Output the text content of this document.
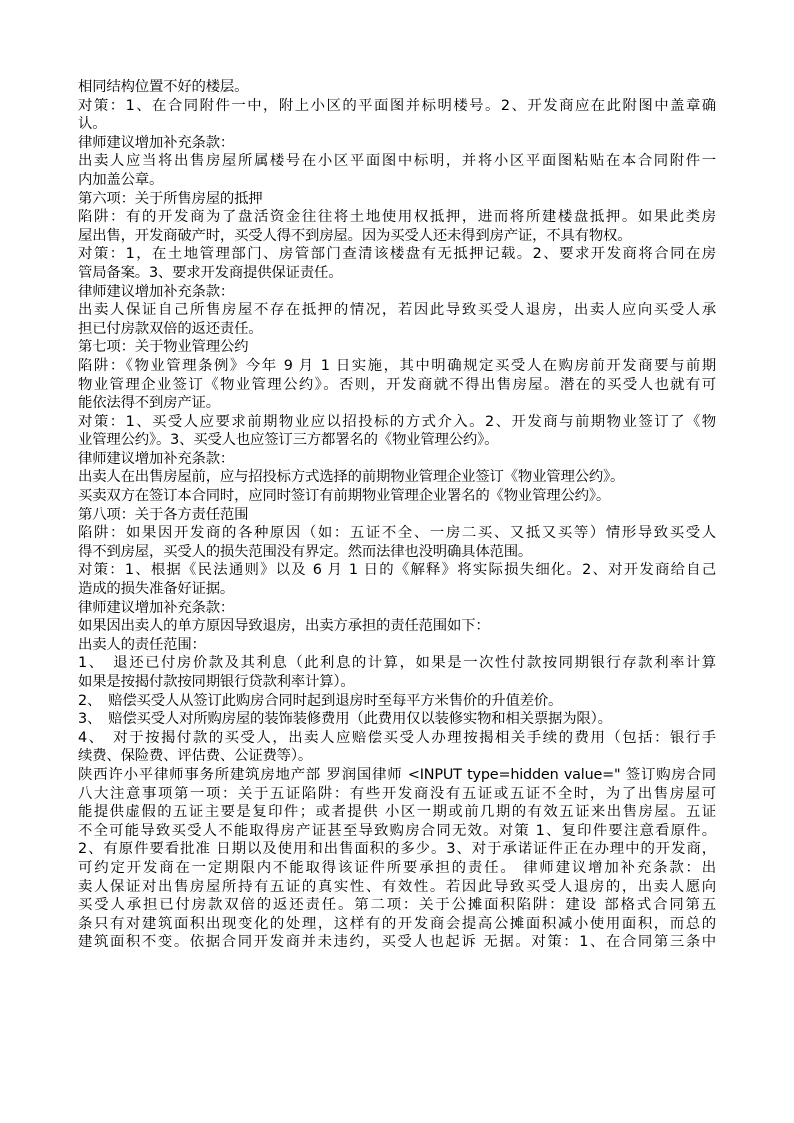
相同结构位置不好的楼层。
对策：1、在合同附件一中，附上小区的平面图并标明楼号。2、开发商应在此附图中盖章确
认。
律师建议增加补充条款：
出卖人应当将出售房屋所属楼号在小区平面图中标明，并将小区平面图粘贴在本合同附件一
内加盖公章。
第六项：关于所售房屋的抵押
陷阱：有的开发商为了盘活资金往往将土地使用权抵押，进而将所建楼盘抵押。如果此类房
屋出售，开发商破产时，买受人得不到房屋。因为买受人还未得到房产证，不具有物权。
对策：1，在土地管理部门、房管部门查清该楼盘有无抵押记载。2、要求开发商将合同在房
管局备案。3、要求开发商提供保证责任。
律师建议增加补充条款：
出卖人保证自己所售房屋不存在抵押的情况，若因此导致买受人退房，出卖人应向买受人承
担已付房款双倍的返还责任。
第七项：关于物业管理公约
陷阱：《物业管理条例》今年 9 月 1 日实施，其中明确规定买受人在购房前开发商要与前期
物业管理企业签订《物业管理公约》。否则，开发商就不得出售房屋。潜在的买受人也就有可
能依法得不到房产证。
对策：1、买受人应要求前期物业应以招投标的方式介入。2、开发商与前期物业签订了《物
业管理公约》。3、买受人也应签订三方都署名的《物业管理公约》。
律师建议增加补充条款：
出卖人在出售房屋前，应与招投标方式选择的前期物业管理企业签订《物业管理公约》。
买卖双方在签订本合同时，应同时签订有前期物业管理企业署名的《物业管理公约》。
第八项：关于各方责任范围
陷阱：如果因开发商的各种原因（如：五证不全、一房二买、又抵又买等）情形导致买受人
得不到房屋，买受人的损失范围没有界定。然而法律也没明确具体范围。
对策：1、根据《民法通则》以及 6 月 1 日的《解释》将实际损失细化。2、对开发商给自己
造成的损失准备好证据。
律师建议增加补充条款：
如果因出卖人的单方原因导致退房，出卖方承担的责任范围如下：
出卖人的责任范围：
1、　退还已付房价款及其利息（此利息的计算，如果是一次性付款按同期银行存款利率计算
如果是按揭付款按同期银行贷款利率计算）。
2、　赔偿买受人从签订此购房合同时起到退房时至每平方米售价的升值差价。
3、　赔偿买受人对所购房屋的装饰装修费用（此费用仅以装修实物和相关票据为限）。
4、　对于按揭付款的买受人，出卖人应赔偿买受人办理按揭相关手续的费用（包括：银行手
续费、保险费、评估费、公证费等）。
陕西许小平律师事务所建筑房地产部 罗润国律师 <INPUT type=hidden value=" 签订购房合同
八大注意事项第一项：关于五证陷阱：有些开发商没有五证或五证不全时，为了出售房屋可
能提供虚假的五证主要是复印件；或者提供 小区一期或前几期的有效五证来出售房屋。五证
不全可能导致买受人不能取得房产证甚至导致购房合同无效。对策 1、复印件要注意看原件。
2、有原件要看批准 日期以及使用和出售面积的多少。3、对于承诺证件正在办理中的开发商，
可约定开发商在一定期限内不能取得该证件所要承担的责任。 律师建议增加补充条款：出
卖人保证对出售房屋所持有五证的真实性、有效性。若因此导致买受人退房的，出卖人愿向
买受人承担已付房款双倍的返还责任。第二项：关于公摊面积陷阱：建设 部格式合同第五
条只有对建筑面积出现变化的处理，这样有的开发商会提高公摊面积减小使用面积，而总的
建筑面积不变。依据合同开发商并未违约，买受人也起诉 无据。对策：1、在合同第三条中
